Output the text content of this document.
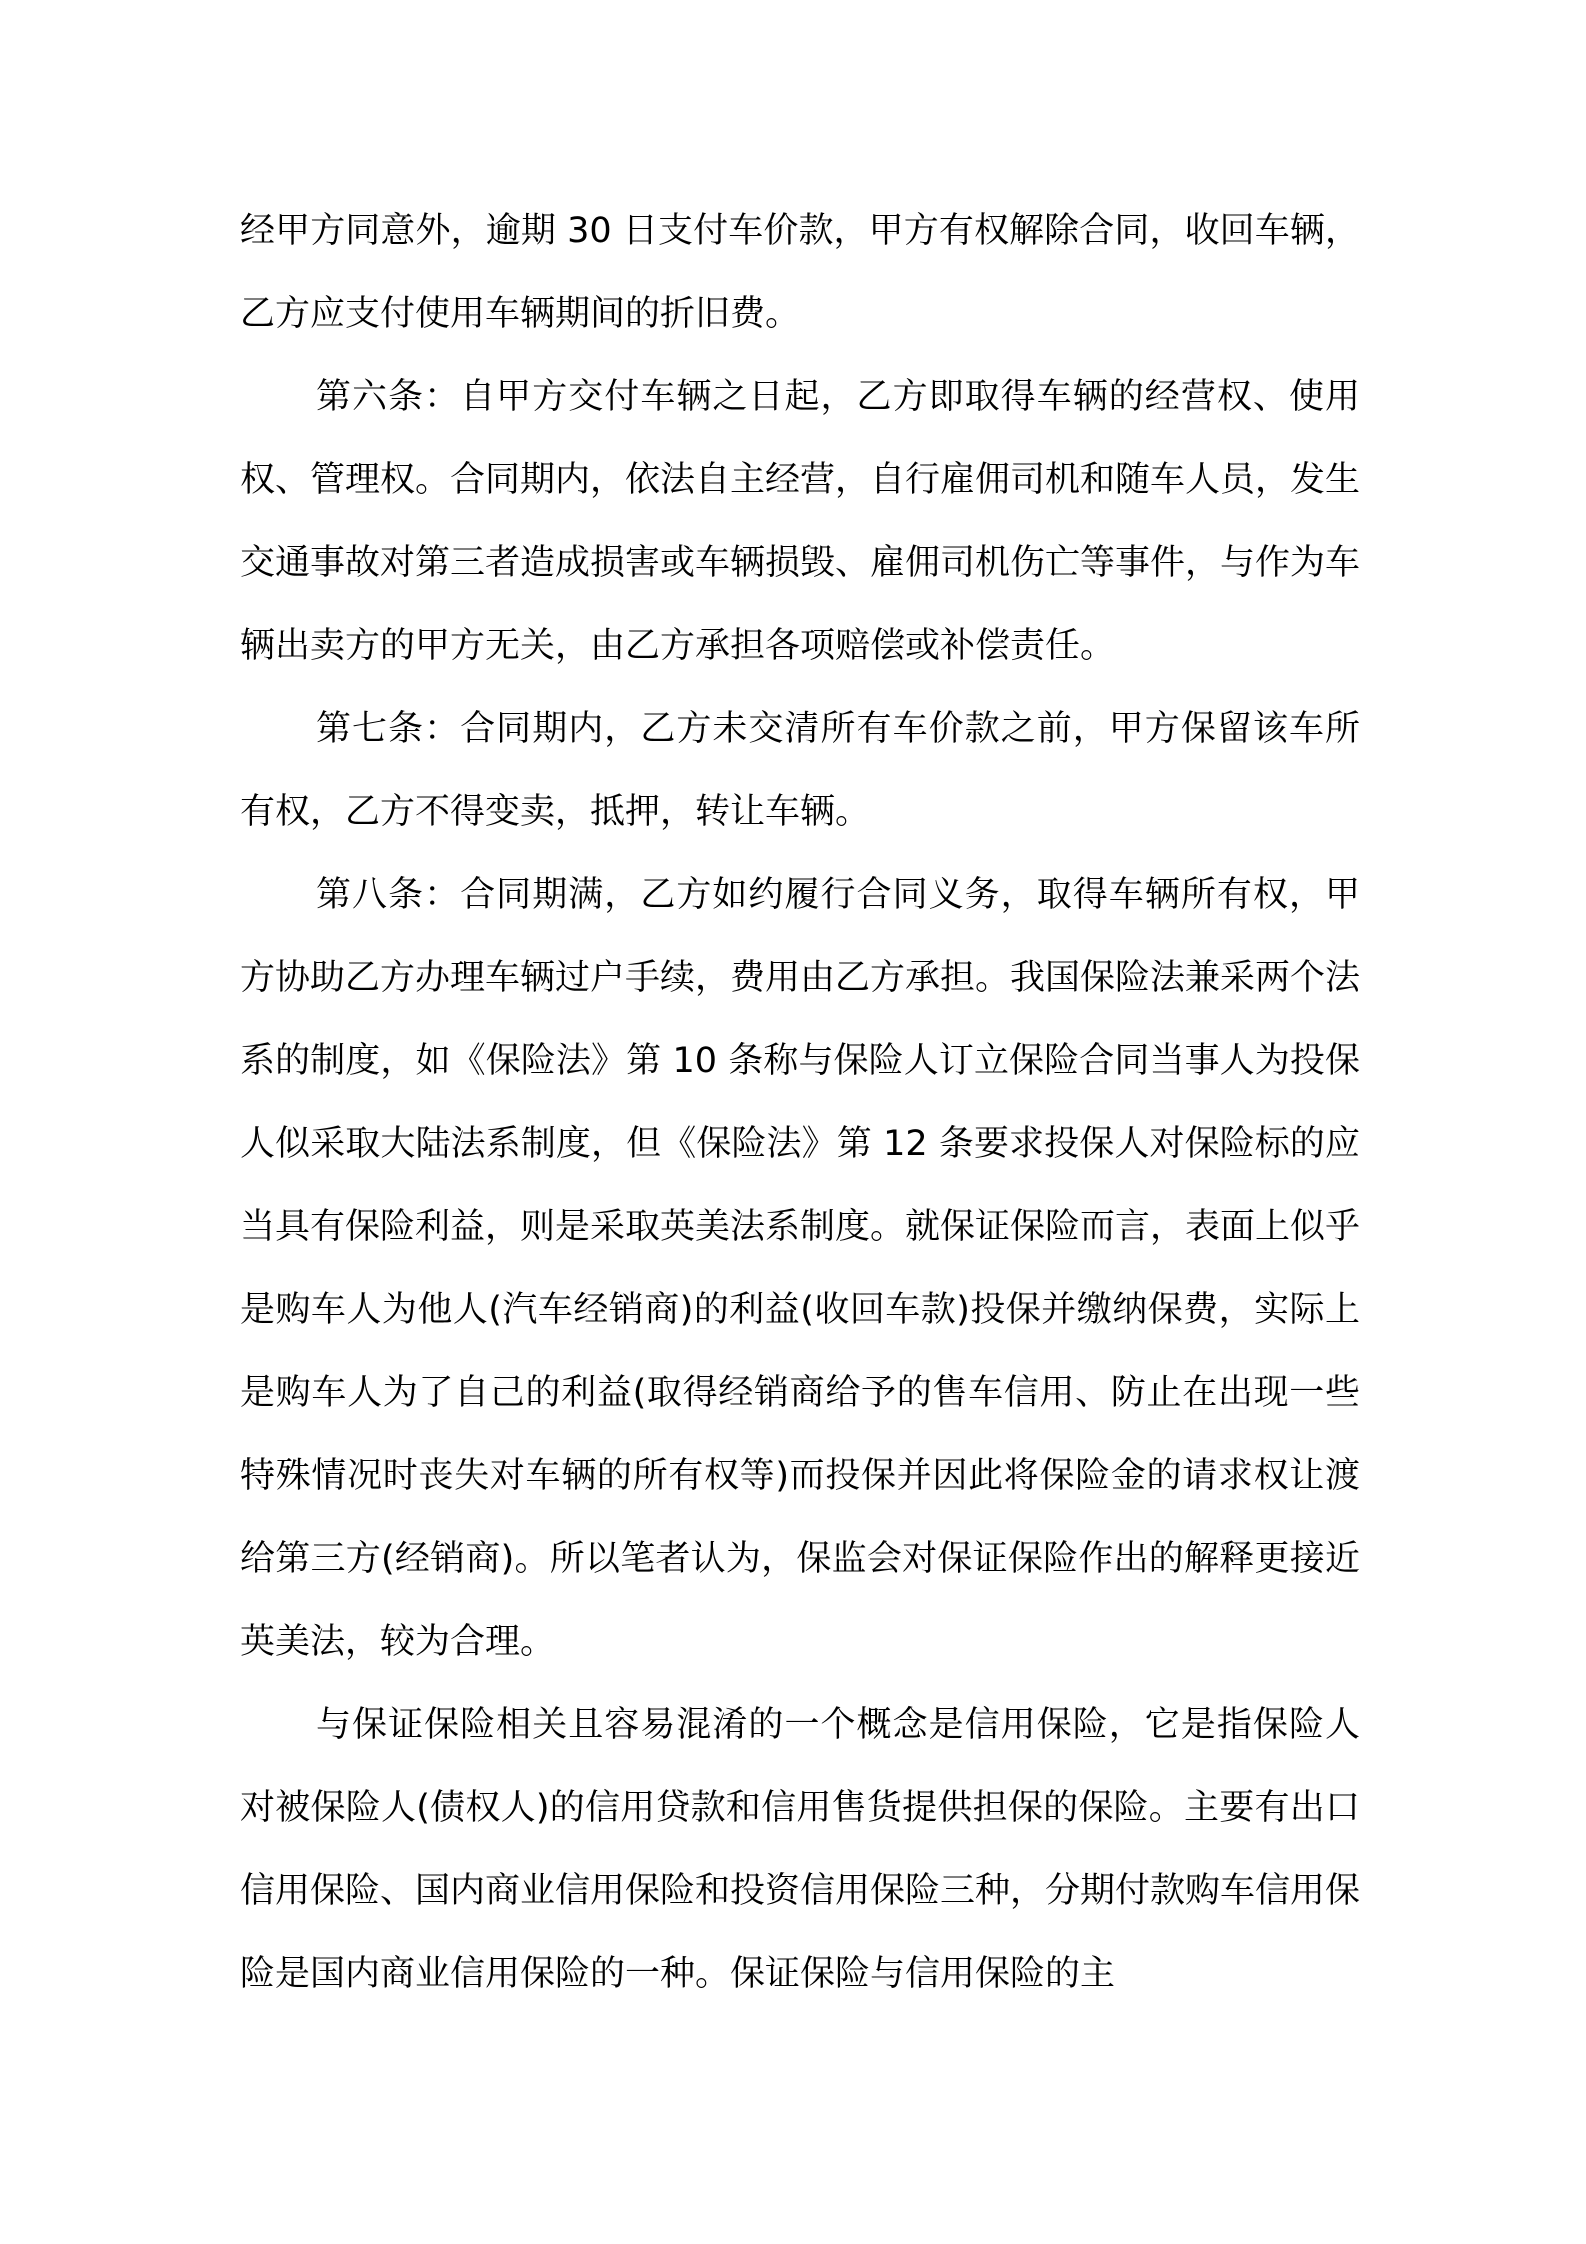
经甲方同意外，逾期 30 日支付车价款，甲方有权解除合同，收回车辆，乙方应支付使用车辆期间的折旧费。

第六条：自甲方交付车辆之日起，乙方即取得车辆的经营权、使用权、管理权。合同期内，依法自主经营，自行雇佣司机和随车人员，发生交通事故对第三者造成损害或车辆损毁、雇佣司机伤亡等事件，与作为车辆出卖方的甲方无关，由乙方承担各项赔偿或补偿责任。

第七条：合同期内，乙方未交清所有车价款之前，甲方保留该车所有权，乙方不得变卖，抵押，转让车辆。

第八条：合同期满，乙方如约履行合同义务，取得车辆所有权，甲方协助乙方办理车辆过户手续，费用由乙方承担。我国保险法兼采两个法系的制度，如《保险法》第 10 条称与保险人订立保险合同当事人为投保人似采取大陆法系制度，但《保险法》第 12 条要求投保人对保险标的应当具有保险利益，则是采取英美法系制度。就保证保险而言，表面上似乎是购车人为他人(汽车经销商)的利益(收回车款)投保并缴纳保费，实际上是购车人为了自己的利益(取得经销商给予的售车信用、防止在出现一些特殊情况时丧失对车辆的所有权等)而投保并因此将保险金的请求权让渡给第三方(经销商)。所以笔者认为，保监会对保证保险作出的解释更接近英美法，较为合理。

与保证保险相关且容易混淆的一个概念是信用保险，它是指保险人对被保险人(债权人)的信用贷款和信用售货提供担保的保险。主要有出口信用保险、国内商业信用保险和投资信用保险三种，分期付款购车信用保险是国内商业信用保险的一种。保证保险与信用保险的主
